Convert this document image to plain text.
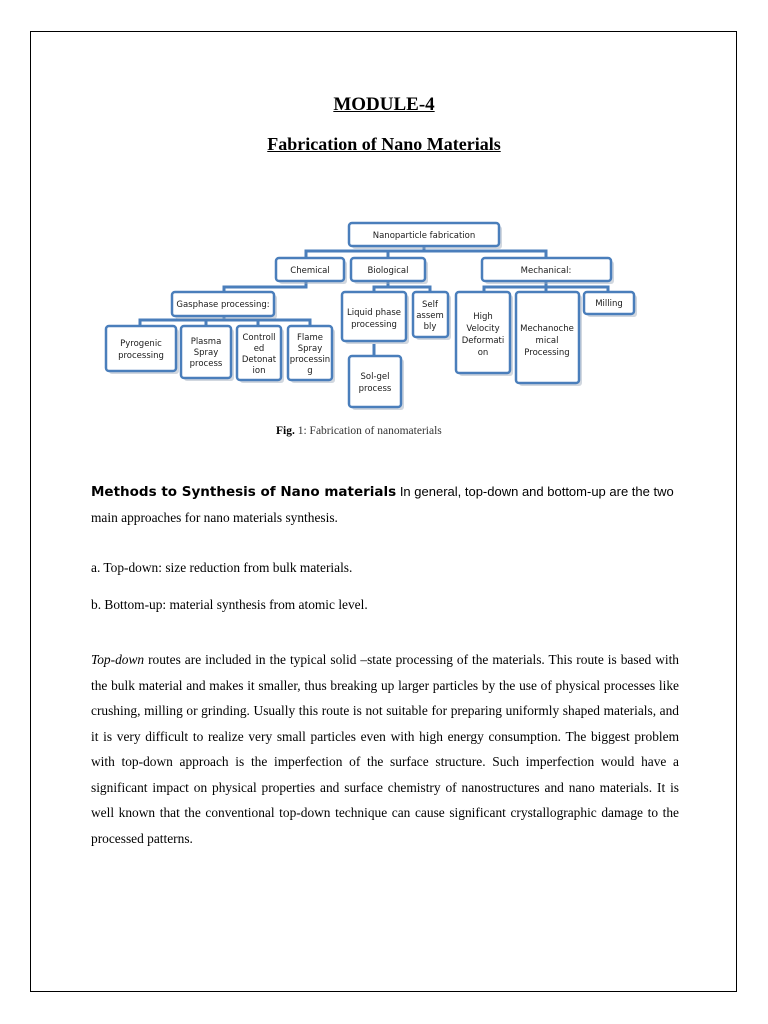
MODULE-4
Fabrication of Nano Materials
Nanoparticle fabrication
Chemical	Biological	Mechanical:
Gasphase processing:
Pyrogenic
processing
Plasma
Spray
process
Controll
ed
Detonat
ion
Flame
Spray
processin
g
Liquid phase
processing
Self
assem
bly
Sol-gel
process
High
Velocity
Deformati
on
Mechanoche
mical
Processing
Milling
Fig. 1: Fabrication of nanomaterials
Methods to Synthesis of Nano materials In general, top-down and bottom-up are the two
main approaches for nano materials synthesis.
a. Top-down: size reduction from bulk materials.
b. Bottom-up: material synthesis from atomic level.
Top-down routes are included in the typical solid –state processing of the materials. This route is based with the bulk material and makes it smaller, thus breaking up larger particles by the use of physical processes like crushing, milling or grinding. Usually this route is not suitable for preparing uniformly shaped materials, and it is very difficult to realize very small particles even with high energy consumption. The biggest problem with top-down approach is the imperfection of the surface structure. Such imperfection would have a significant impact on physical properties and surface chemistry of nanostructures and nano materials. It is well known that the conventional top-down technique can cause significant crystallographic damage to the processed patterns.
